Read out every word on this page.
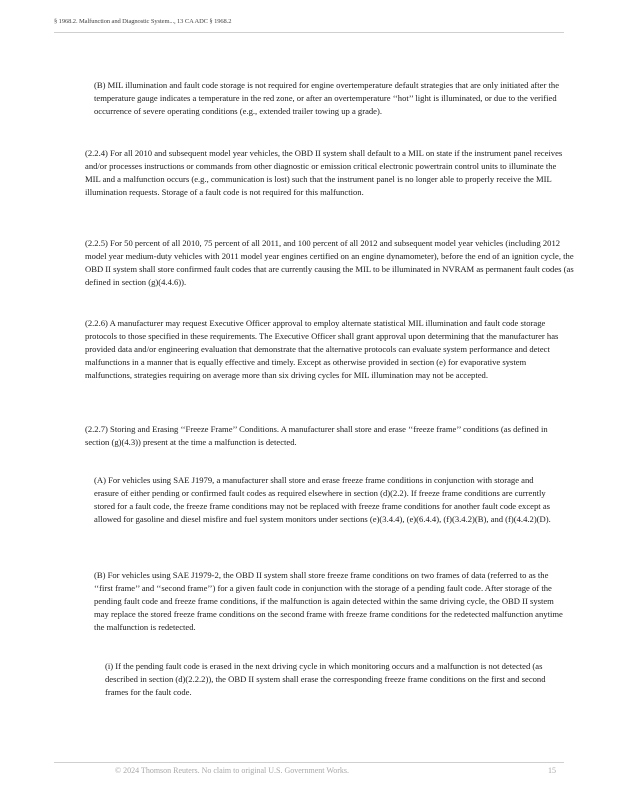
§ 1968.2. Malfunction and Diagnostic System..., 13 CA ADC § 1968.2

(B) MIL illumination and fault code storage is not required for engine overtemperature default strategies that are only initiated after the temperature gauge indicates a temperature in the red zone, or after an overtemperature ‘‘hot’’ light is illuminated, or due to the verified occurrence of severe operating conditions (e.g., extended trailer towing up a grade).

(2.2.4) For all 2010 and subsequent model year vehicles, the OBD II system shall default to a MIL on state if the instrument panel receives and/or processes instructions or commands from other diagnostic or emission critical electronic powertrain control units to illuminate the MIL and a malfunction occurs (e.g., communication is lost) such that the instrument panel is no longer able to properly receive the MIL illumination requests. Storage of a fault code is not required for this malfunction.

(2.2.5) For 50 percent of all 2010, 75 percent of all 2011, and 100 percent of all 2012 and subsequent model year vehicles (including 2012 model year medium-duty vehicles with 2011 model year engines certified on an engine dynamometer), before the end of an ignition cycle, the OBD II system shall store confirmed fault codes that are currently causing the MIL to be illuminated in NVRAM as permanent fault codes (as defined in section (g)(4.4.6)).

(2.2.6) A manufacturer may request Executive Officer approval to employ alternate statistical MIL illumination and fault code storage protocols to those specified in these requirements. The Executive Officer shall grant approval upon determining that the manufacturer has provided data and/or engineering evaluation that demonstrate that the alternative protocols can evaluate system performance and detect malfunctions in a manner that is equally effective and timely. Except as otherwise provided in section (e) for evaporative system malfunctions, strategies requiring on average more than six driving cycles for MIL illumination may not be accepted.

(2.2.7) Storing and Erasing ‘‘Freeze Frame’’ Conditions. A manufacturer shall store and erase ‘‘freeze frame’’ conditions (as defined in section (g)(4.3)) present at the time a malfunction is detected.

(A) For vehicles using SAE J1979, a manufacturer shall store and erase freeze frame conditions in conjunction with storage and erasure of either pending or confirmed fault codes as required elsewhere in section (d)(2.2). If freeze frame conditions are currently stored for a fault code, the freeze frame conditions may not be replaced with freeze frame conditions for another fault code except as allowed for gasoline and diesel misfire and fuel system monitors under sections (e)(3.4.4), (e)(6.4.4), (f)(3.4.2)(B), and (f)(4.4.2)(D).

(B) For vehicles using SAE J1979-2, the OBD II system shall store freeze frame conditions on two frames of data (referred to as the ‘‘first frame’’ and ‘‘second frame’’) for a given fault code in conjunction with the storage of a pending fault code. After storage of the pending fault code and freeze frame conditions, if the malfunction is again detected within the same driving cycle, the OBD II system may replace the stored freeze frame conditions on the second frame with freeze frame conditions for the redetected malfunction anytime the malfunction is redetected.

(i) If the pending fault code is erased in the next driving cycle in which monitoring occurs and a malfunction is not detected (as described in section (d)(2.2.2)), the OBD II system shall erase the corresponding freeze frame conditions on the first and second frames for the fault code.

© 2024 Thomson Reuters. No claim to original U.S. Government Works.	15
